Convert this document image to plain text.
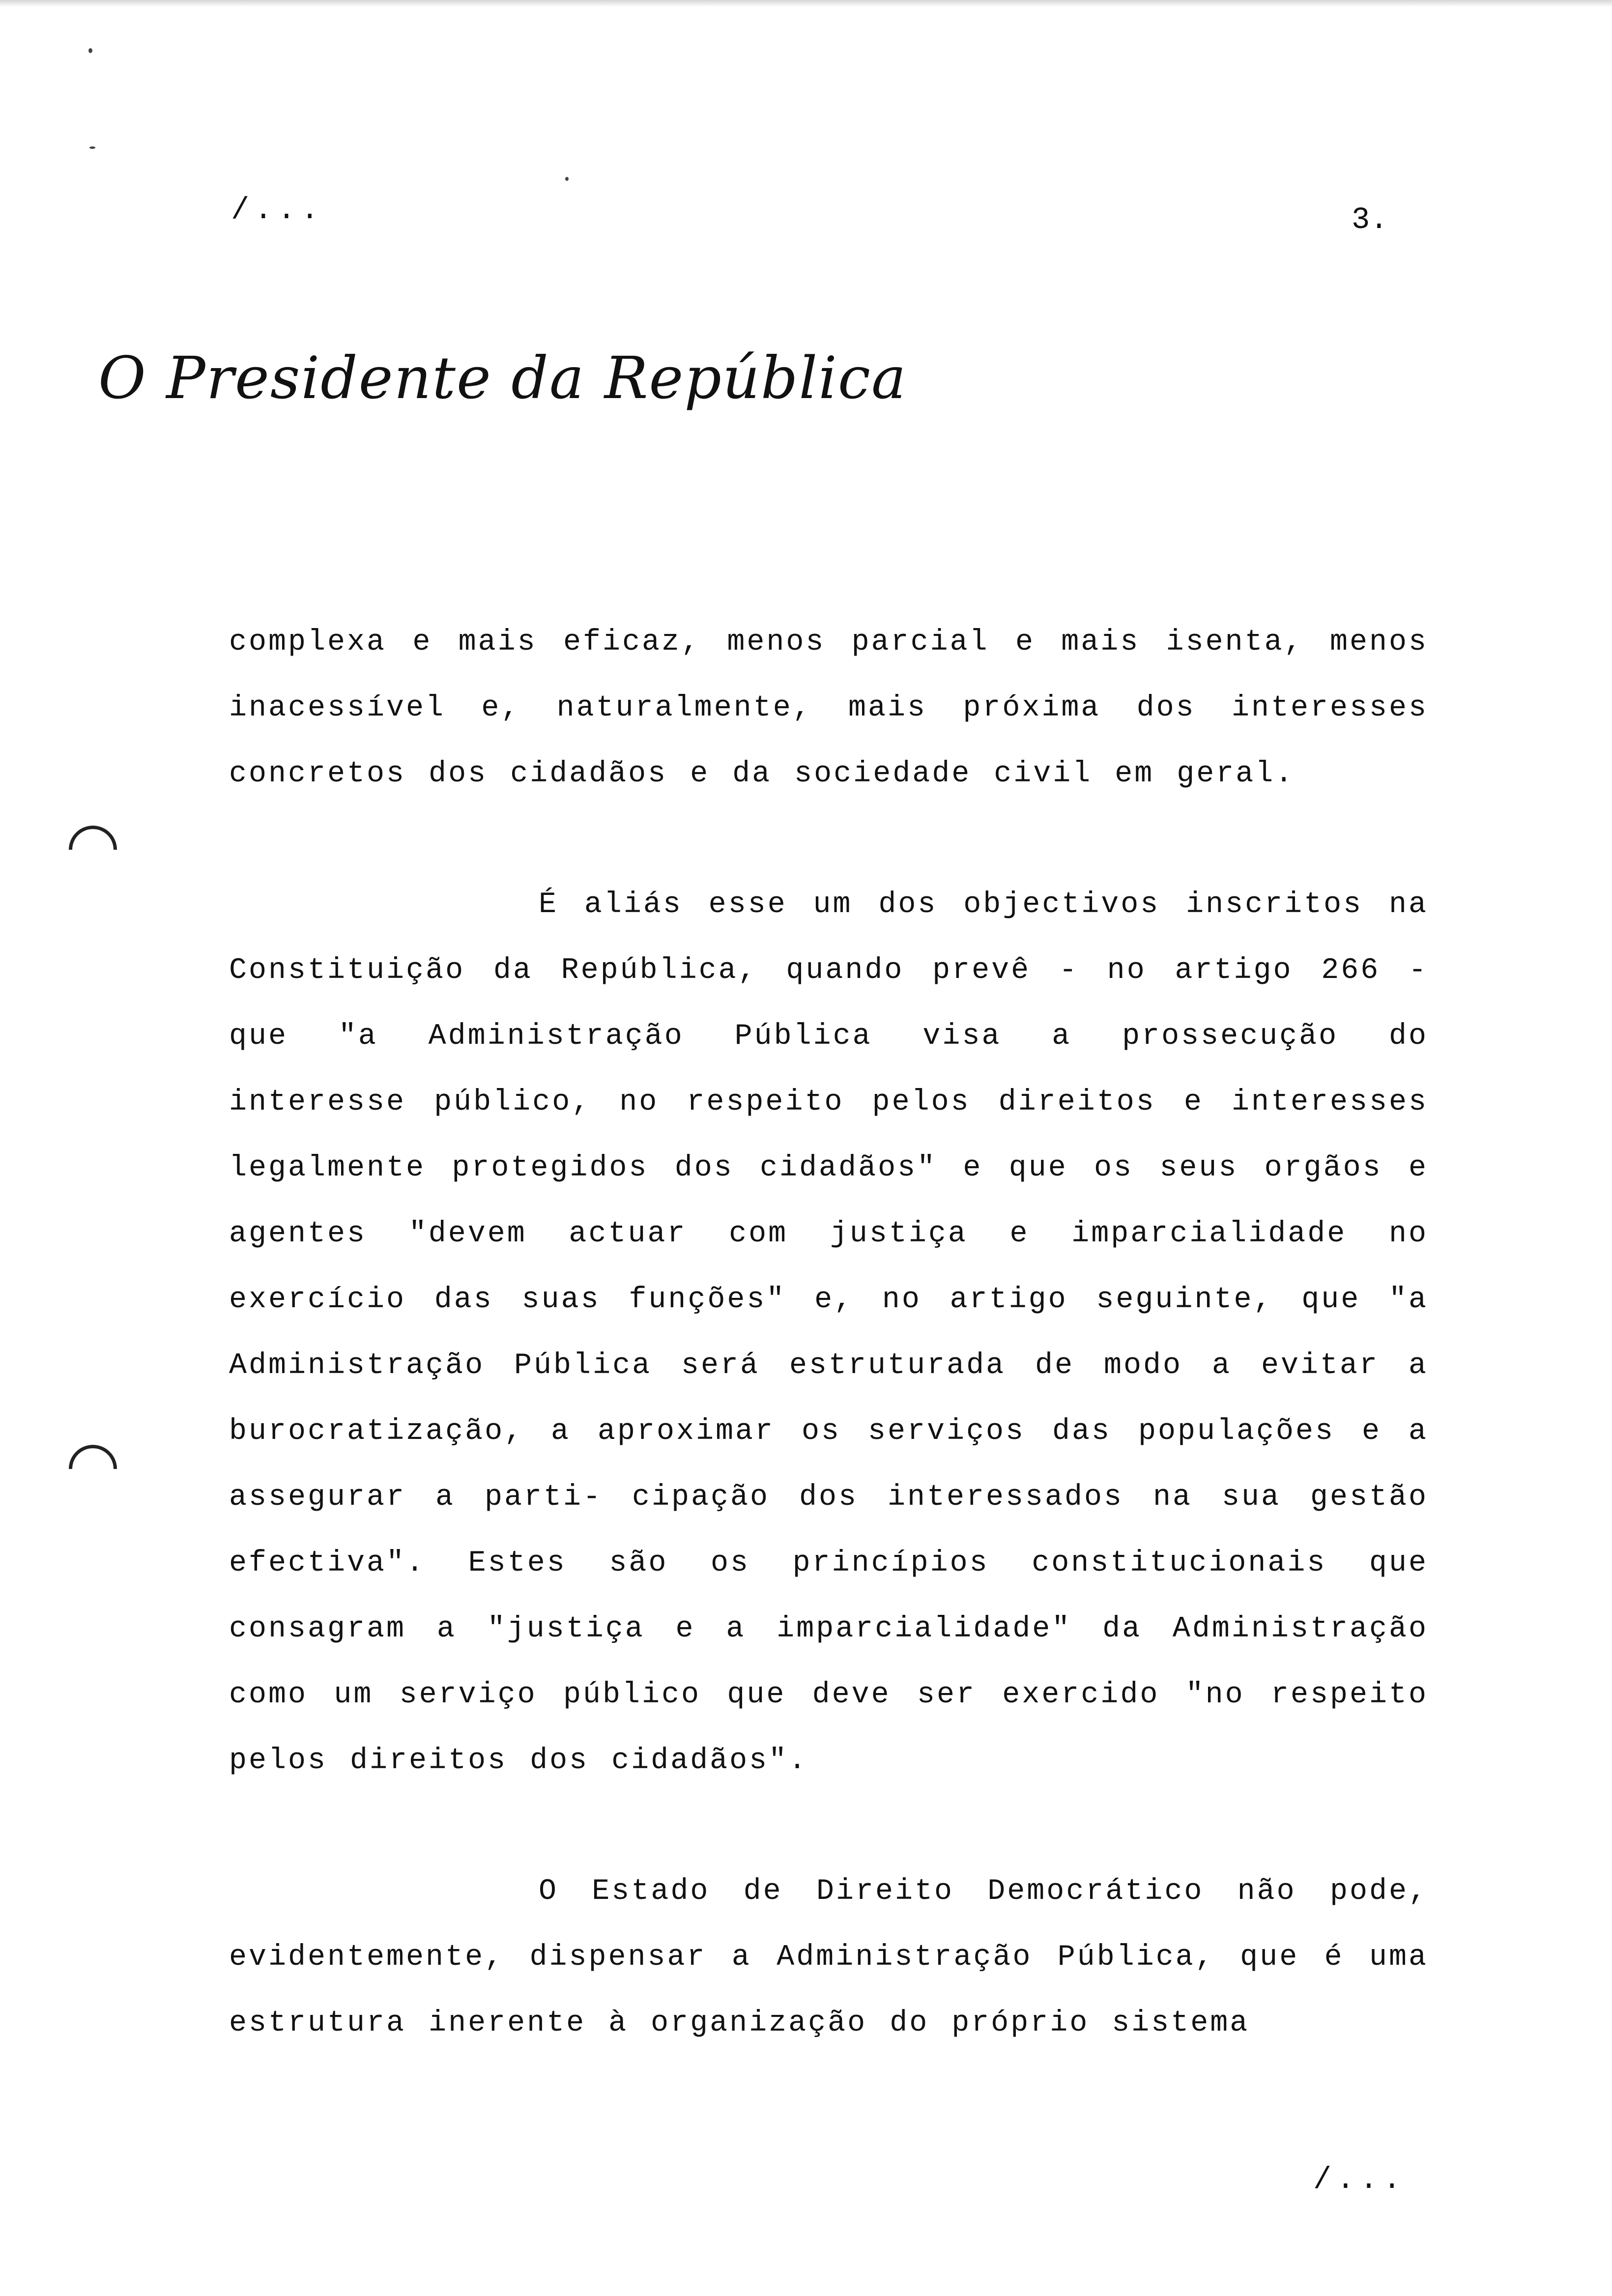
/...	3.
O Presidente da República

complexa e mais eficaz, menos parcial e mais isenta, menos inacessível e, naturalmente, mais próxima dos interesses concretos dos cidadãos e da sociedade civil em geral.

É aliás esse um dos objectivos inscritos na Constituição da República, quando prevê - no artigo 266 - que "a Administração Pública visa a prossecução do interesse público, no respeito pelos direitos e interesses legalmente protegidos dos cidadãos" e que os seus orgãos e agentes "devem actuar com justiça e imparcialidade no exercício das suas funções" e, no artigo seguinte, que "a Administração Pública será estruturada de modo a evitar a burocratização, a aproximar os serviços das populações e a assegurar a parti- cipação dos interessados na sua gestão efectiva". Estes são os princípios constitucionais que consagram a "justiça e a imparcialidade" da Administração como um serviço público que deve ser exercido "no respeito pelos direitos dos cidadãos".

O Estado de Direito Democrático não pode, evidentemente, dispensar a Administração Pública, que é uma estrutura inerente à organização do próprio sistema

/...
